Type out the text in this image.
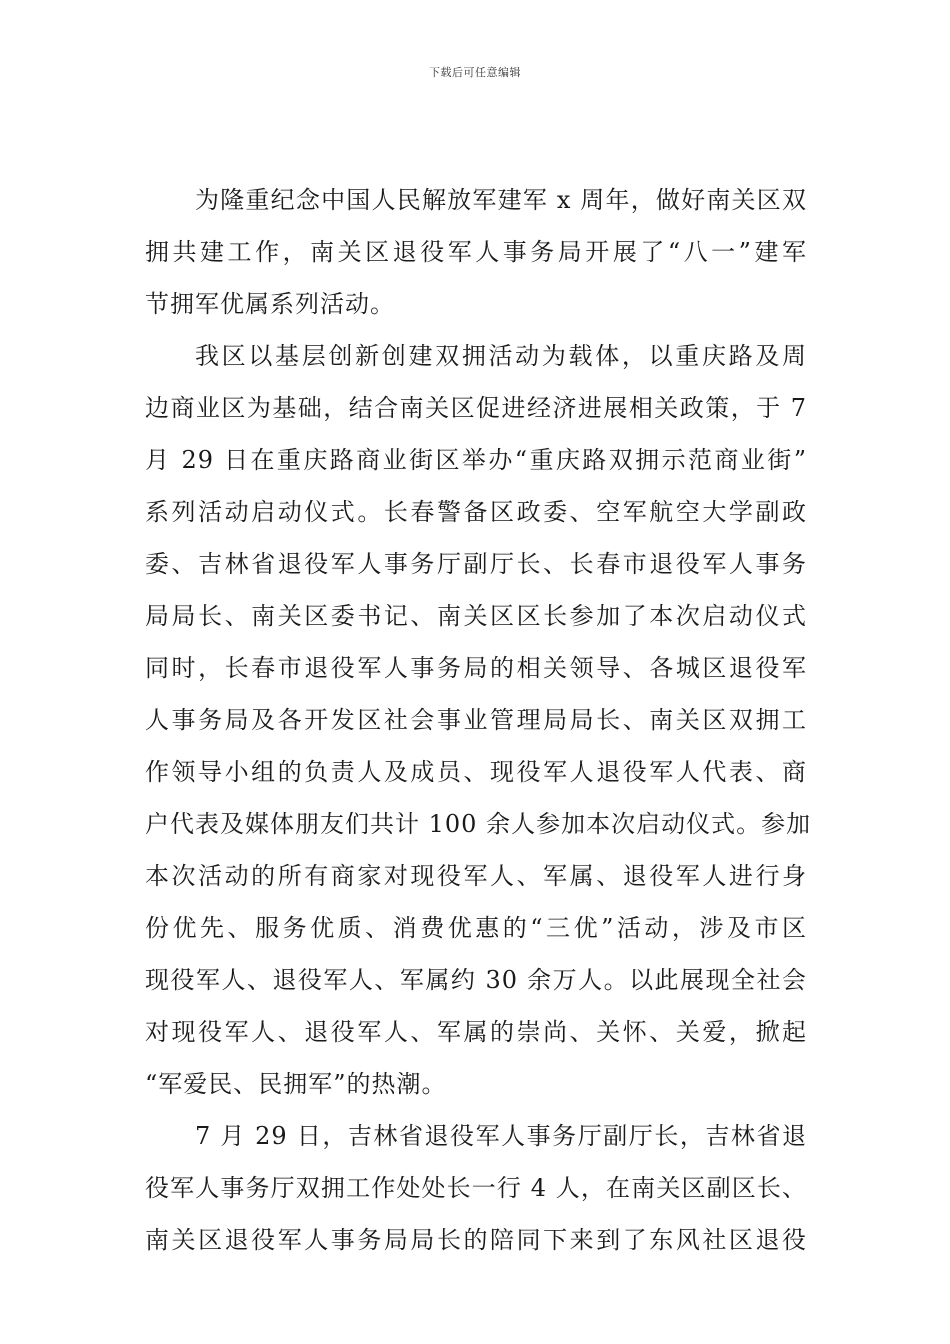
下载后可任意编辑
为隆重纪念中国人民解放军建军 x 周年，做好南关区双
拥共建工作，南关区退役军人事务局开展了“八一”建军
节拥军优属系列活动。
我区以基层创新创建双拥活动为载体，以重庆路及周
边商业区为基础，结合南关区促进经济进展相关政策，于 7
月 29 日在重庆路商业街区举办“重庆路双拥示范商业街”
系列活动启动仪式。长春警备区政委、空军航空大学副政
委、吉林省退役军人事务厅副厅长、长春市退役军人事务
局局长、南关区委书记、南关区区长参加了本次启动仪式
同时，长春市退役军人事务局的相关领导、各城区退役军
人事务局及各开发区社会事业管理局局长、南关区双拥工
作领导小组的负责人及成员、现役军人退役军人代表、商
户代表及媒体朋友们共计 100 余人参加本次启动仪式。参加
本次活动的所有商家对现役军人、军属、退役军人进行身
份优先、服务优质、消费优惠的“三优”活动，涉及市区
现役军人、退役军人、军属约 30 余万人。以此展现全社会
对现役军人、退役军人、军属的崇尚、关怀、关爱，掀起
“军爱民、民拥军”的热潮。
7 月 29 日，吉林省退役军人事务厅副厅长，吉林省退
役军人事务厅双拥工作处处长一行 4 人，在南关区副区长、
南关区退役军人事务局局长的陪同下来到了东风社区退役
